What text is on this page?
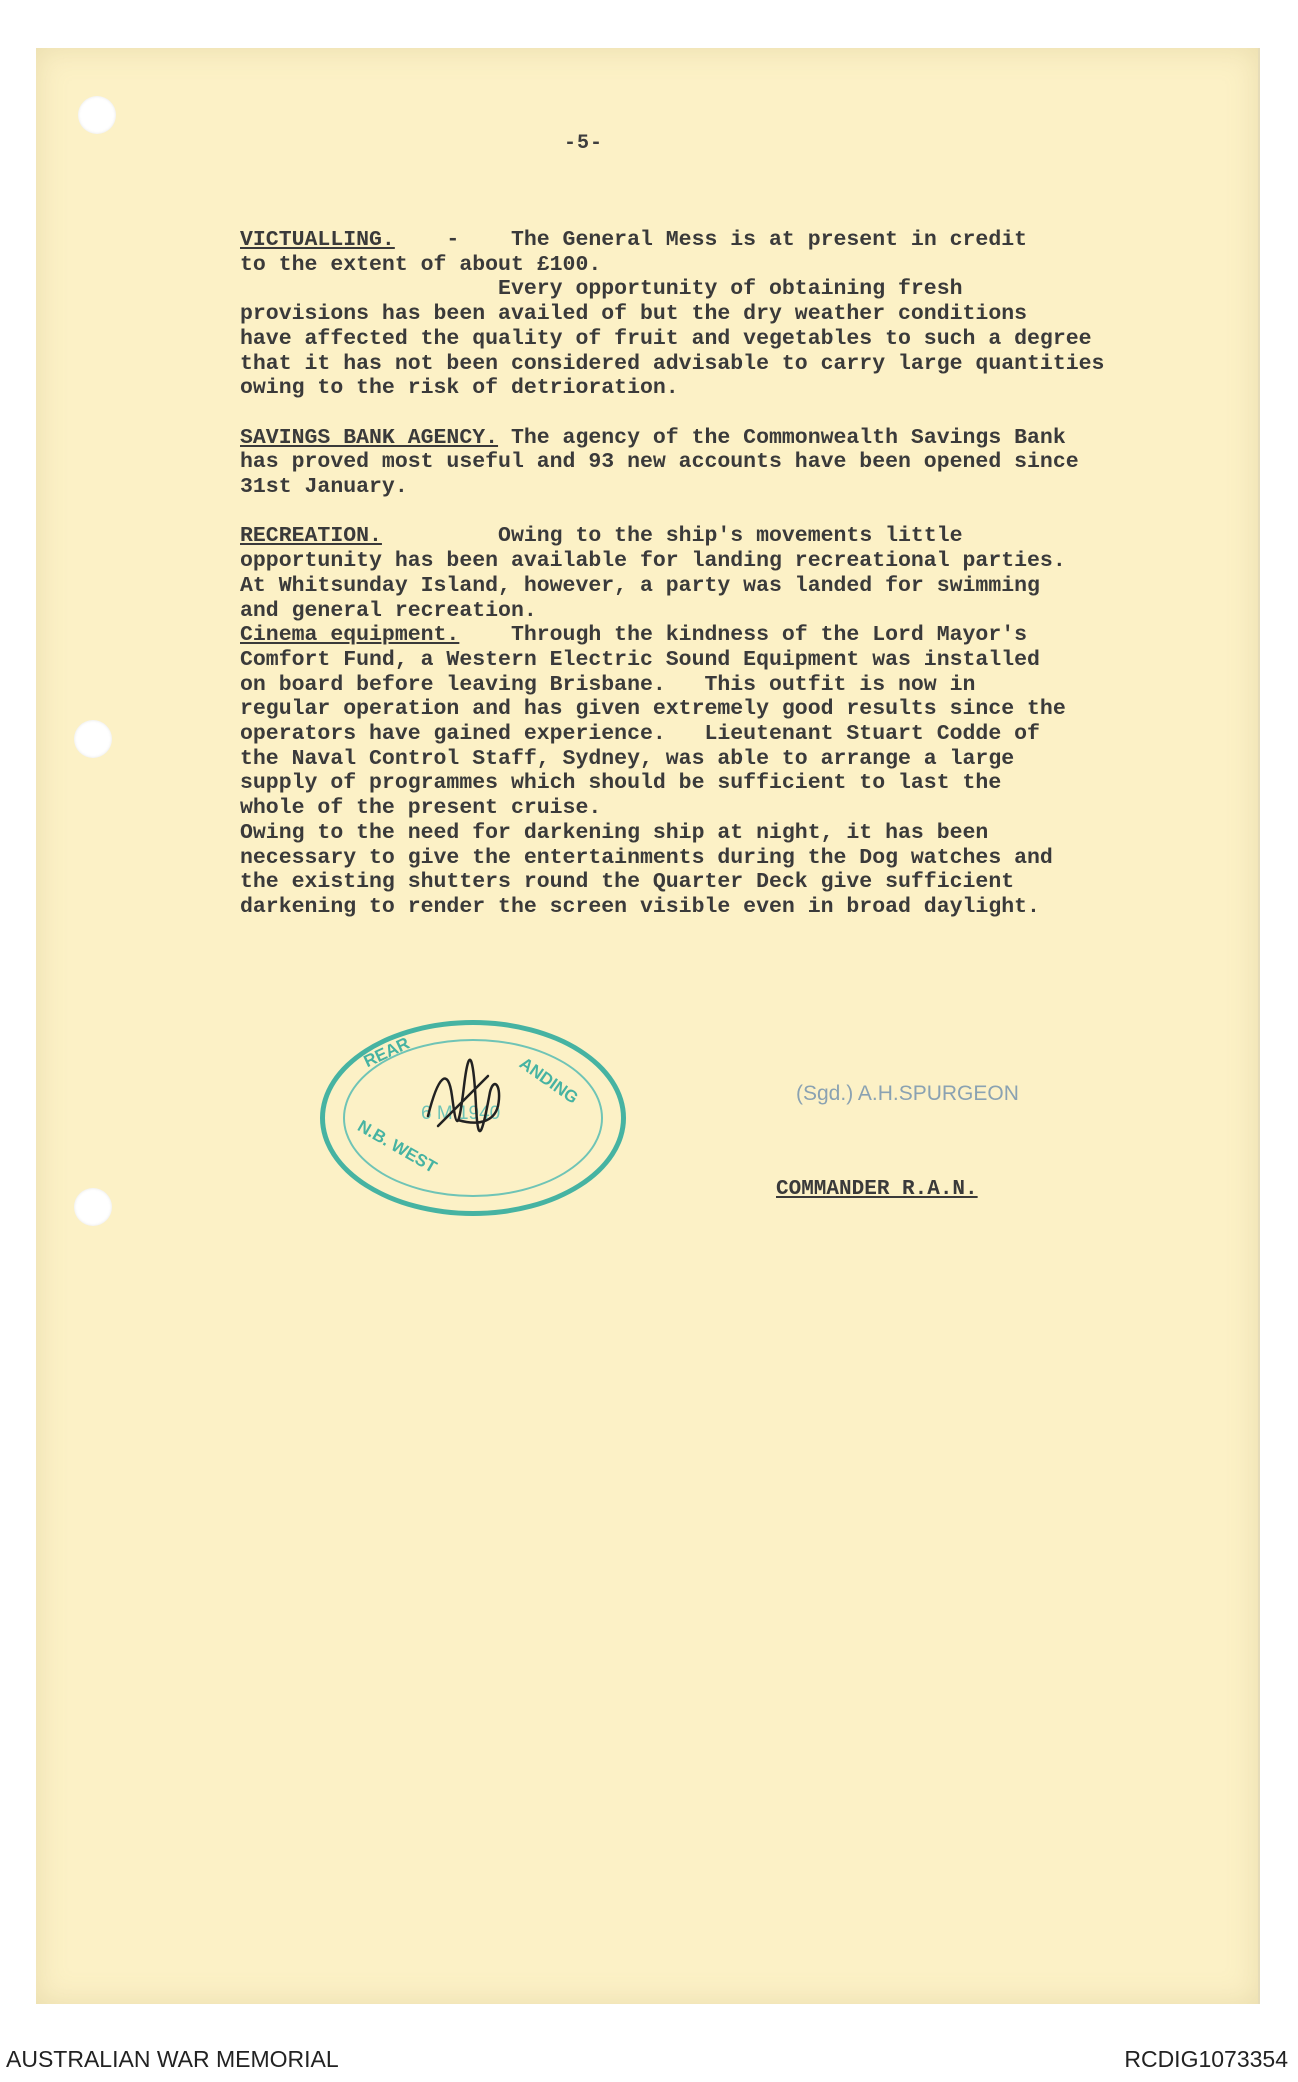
-5-
VICTUALLING.    -    The General Mess is at present in credit
to the extent of about £100.
Every opportunity of obtaining fresh
provisions has been availed of but the dry weather conditions
have affected the quality of fruit and vegetables to such a degree
that it has not been considered advisable to carry large quantities
owing to the risk of detrioration.
SAVINGS BANK AGENCY. The agency of the Commonwealth Savings Bank
has proved most useful and 93 new accounts have been opened since
31st January.
RECREATION.         Owing to the ship's movements little
opportunity has been available for landing recreational parties.
At Whitsunday Island, however, a party was landed for swimming
and general recreation.
Cinema equipment.    Through the kindness of the Lord Mayor's
Comfort Fund, a Western Electric Sound Equipment was installed
on board before leaving Brisbane.   This outfit is now in
regular operation and has given extremely good results since the
operators have gained experience.   Lieutenant Stuart Codde of
the Naval Control Staff, Sydney, was able to arrange a large
supply of programmes which should be sufficient to last the
whole of the present cruise.
Owing to the need for darkening ship at night, it has been
necessary to give the entertainments during the Dog watches and
the existing shutters round the Quarter Deck give sufficient
darkening to render the screen visible even in broad daylight.
REAR
ANDING
N.B. WEST
6 M 1940
(Sgd.) A.H.SPURGEON
COMMANDER R.A.N.
AUSTRALIAN WAR MEMORIAL	RCDIG1073354
